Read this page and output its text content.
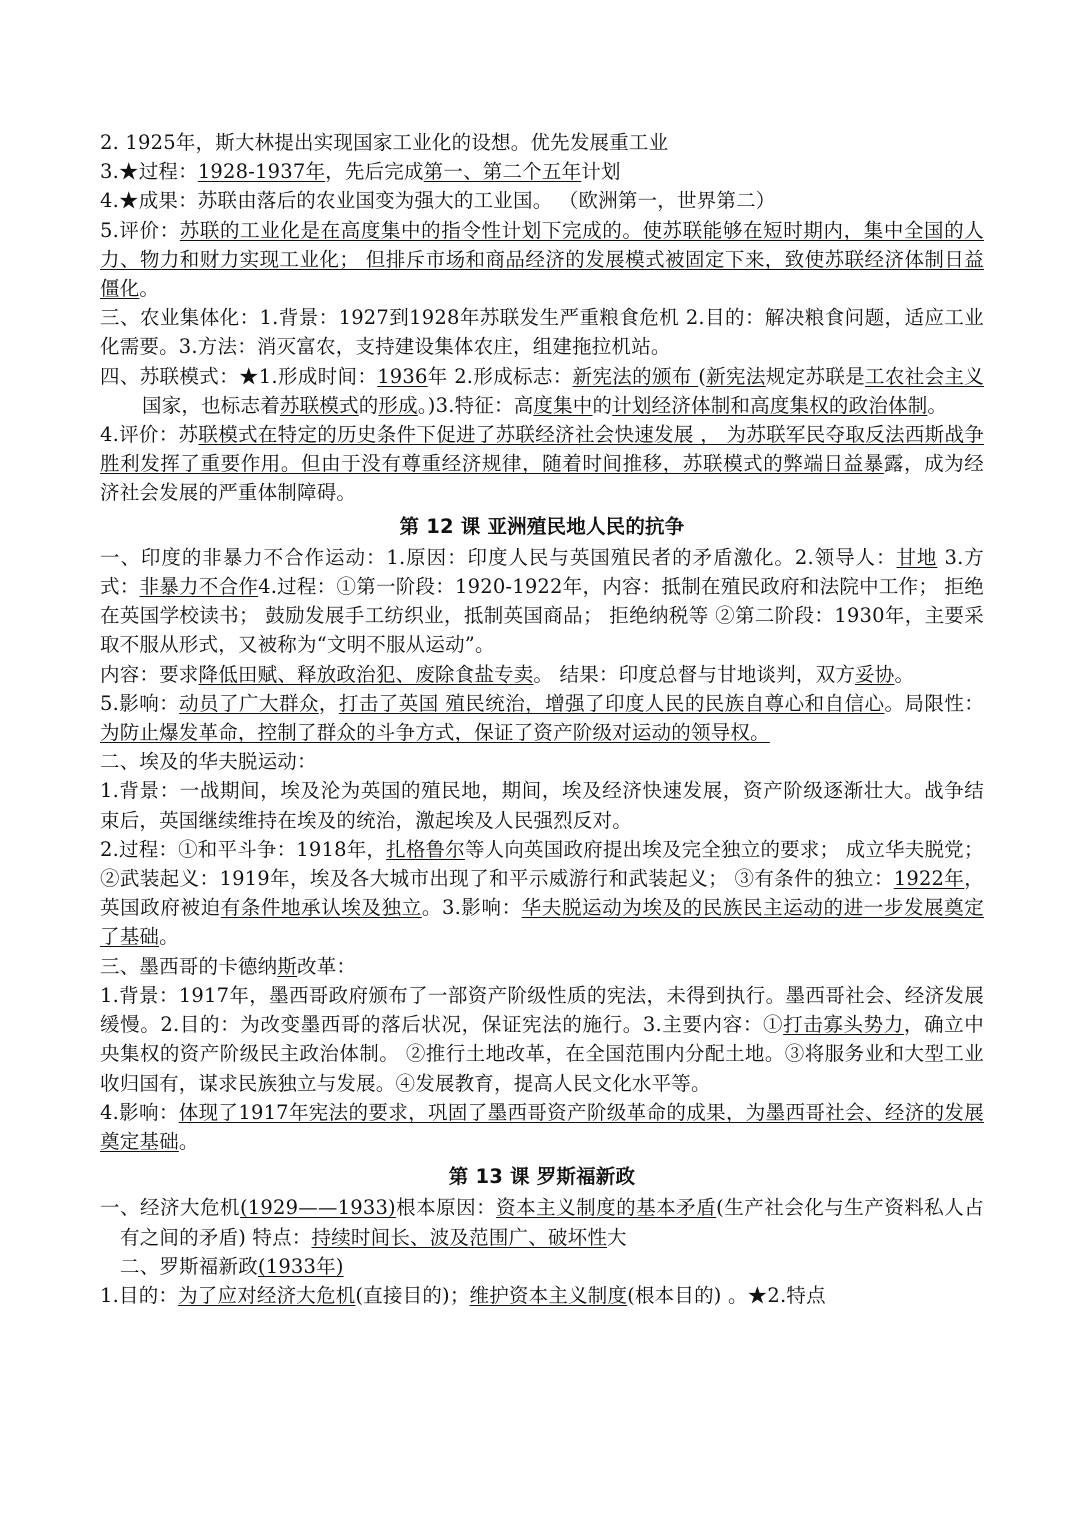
2. 1925年，斯大林提出实现国家工业化的设想。优先发展重工业

3.★过程：1928-1937年，先后完成第一、第二个五年计划

4.★成果：苏联由落后的农业国变为强大的工业国。 （欧洲第一，世界第二）

5.评价：苏联的工业化是在高度集中的指令性计划下完成的。使苏联能够在短时期内，集中全国的人力、物力和财力实现工业化； 但排斥市场和商品经济的发展模式被固定下来，致使苏联经济体制日益僵化。

三、农业集体化：1.背景：1927到1928年苏联发生严重粮食危机 2.目的：解决粮食问题，适应工业化需要。3.方法：消灭富农，支持建设集体农庄，组建拖拉机站。

四、苏联模式：★1.形成时间：1936年 2.形成标志：新宪法的颁布 (新宪法规定苏联是工农社会主义国家，也标志着苏联模式的形成。)3.特征：高度集中的计划经济体制和高度集权的政治体制。

4.评价：苏联模式在特定的历史条件下促进了苏联经济社会快速发展 ， 为苏联军民夺取反法西斯战争胜利发挥了重要作用。但由于没有尊重经济规律，随着时间推移，苏联模式的弊端日益暴露，成为经济社会发展的严重体制障碍。

第 12 课 亚洲殖民地人民的抗争

一、印度的非暴力不合作运动：1.原因：印度人民与英国殖民者的矛盾激化。2.领导人：甘地 3.方式：非暴力不合作4.过程：①第一阶段：1920-1922年，内容：抵制在殖民政府和法院中工作； 拒绝在英国学校读书； 鼓励发展手工纺织业，抵制英国商品； 拒绝纳税等 ②第二阶段：1930年，主要采取不服从形式，又被称为“文明不服从运动”。

内容：要求降低田赋、释放政治犯、废除食盐专卖。 结果：印度总督与甘地谈判，双方妥协。

5.影响：动员了广大群众，打击了英国 殖民统治，增强了印度人民的民族自尊心和自信心。局限性：为防止爆发革命，控制了群众的斗争方式，保证了资产阶级对运动的领导权。

二、埃及的华夫脱运动：

1.背景：一战期间，埃及沦为英国的殖民地，期间，埃及经济快速发展，资产阶级逐渐壮大。战争结束后，英国继续维持在埃及的统治，激起埃及人民强烈反对。

2.过程：①和平斗争：1918年，扎格鲁尔等人向英国政府提出埃及完全独立的要求； 成立华夫脱党；

②武装起义：1919年，埃及各大城市出现了和平示威游行和武装起义； ③有条件的独立：1922年，英国政府被迫有条件地承认埃及独立。3.影响：华夫脱运动为埃及的民族民主运动的进一步发展奠定了基础。

三、墨西哥的卡德纳斯改革：

1.背景：1917年，墨西哥政府颁布了一部资产阶级性质的宪法，未得到执行。墨西哥社会、经济发展缓慢。2.目的：为改变墨西哥的落后状况，保证宪法的施行。3.主要内容：①打击寡头势力，确立中央集权的资产阶级民主政治体制。 ②推行土地改革，在全国范围内分配土地。③将服务业和大型工业收归国有，谋求民族独立与发展。④发展教育，提高人民文化水平等。

4.影响：体现了1917年宪法的要求，巩固了墨西哥资产阶级革命的成果，为墨西哥社会、经济的发展奠定基础。

第 13 课 罗斯福新政

一、经济大危机(1929——1933)根本原因：资本主义制度的基本矛盾(生产社会化与生产资料私人占有之间的矛盾) 特点：持续时间长、波及范围广、破坏性大

二、罗斯福新政(1933年)

1.目的：为了应对经济大危机(直接目的)；维护资本主义制度(根本目的) 。★2.特点
